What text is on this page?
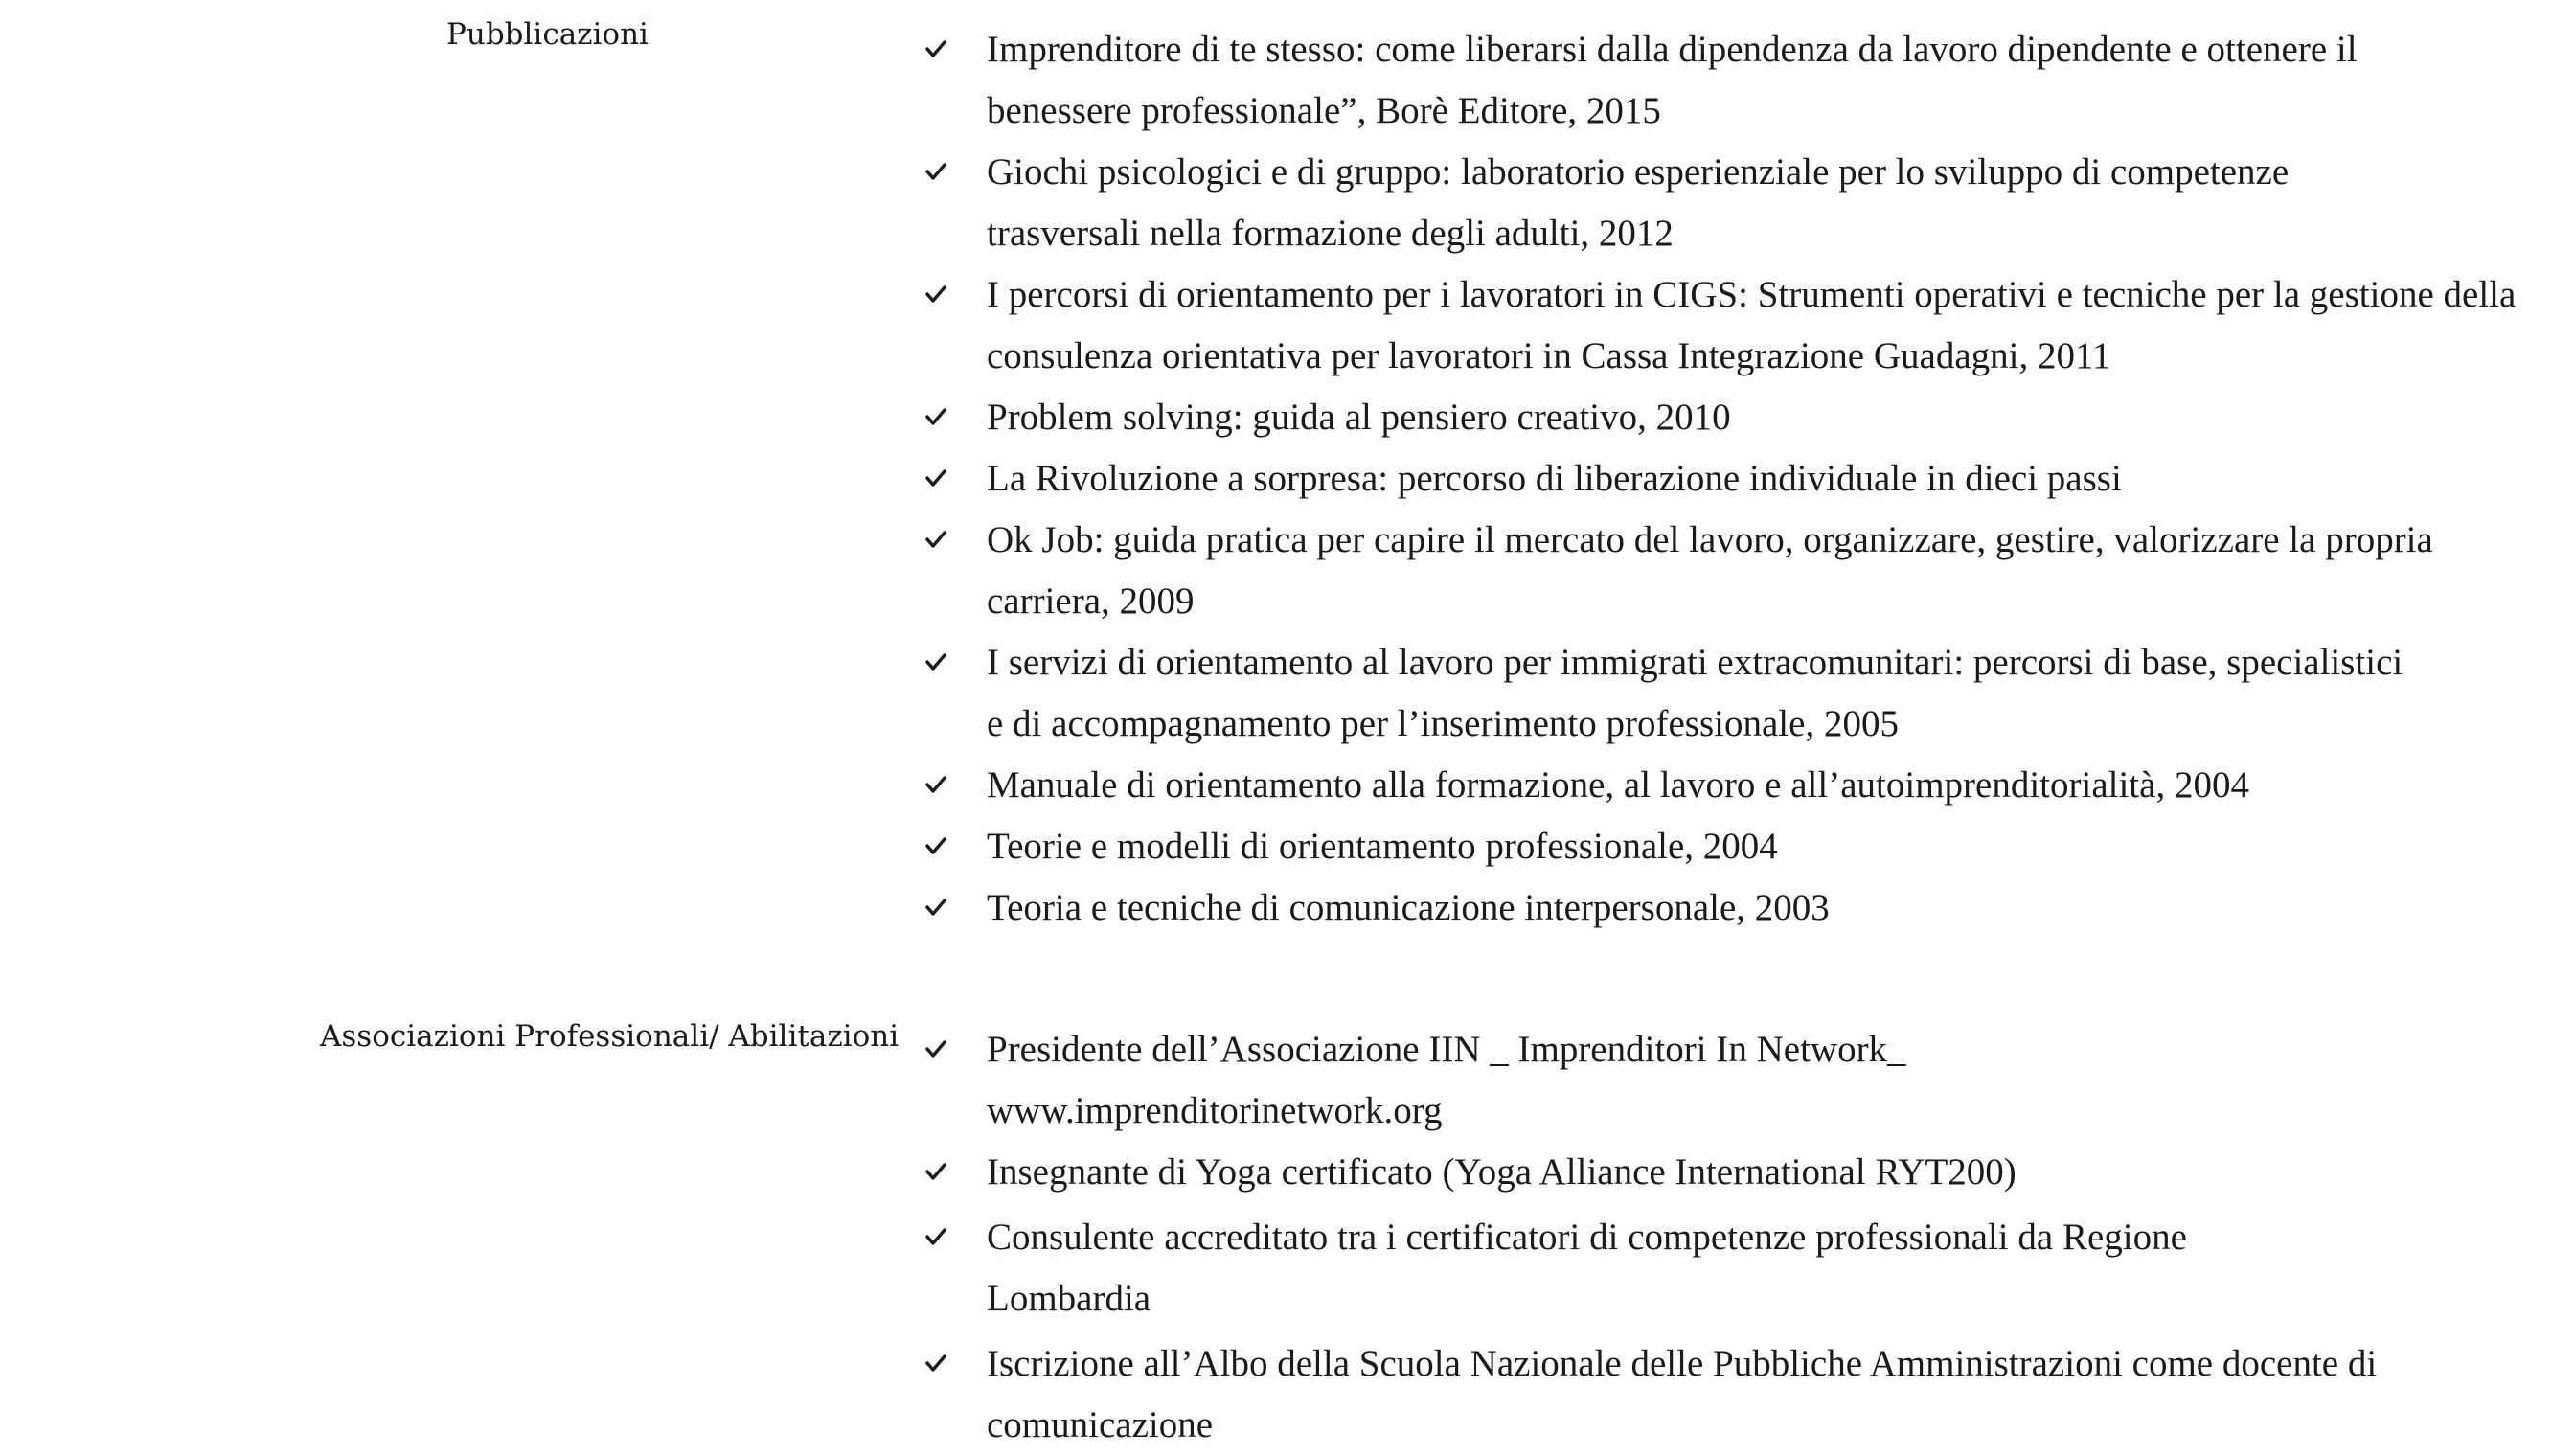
Pubblicazioni	Imprenditore di te stesso: come liberarsi dalla dipendenza da lavoro dipendente e ottenere il benessere professionale”, Borè Editore, 2015
Giochi psicologici e di gruppo: laboratorio esperienziale per lo sviluppo di competenze trasversali nella formazione degli adulti, 2012
I percorsi di orientamento per i lavoratori in CIGS: Strumenti operativi e tecniche per la gestione della consulenza orientativa per lavoratori in Cassa Integrazione Guadagni, 2011
Problem solving: guida al pensiero creativo, 2010
La Rivoluzione a sorpresa: percorso di liberazione individuale in dieci passi
Ok Job: guida pratica per capire il mercato del lavoro, organizzare, gestire, valorizzare la propria carriera, 2009
I servizi di orientamento al lavoro per immigrati extracomunitari: percorsi di base, specialistici e di accompagnamento per l’inserimento professionale, 2005
Manuale di orientamento alla formazione, al lavoro e all’autoimprenditorialità, 2004
Teorie e modelli di orientamento professionale, 2004
Teoria e tecniche di comunicazione interpersonale, 2003
Associazioni Professionali/ Abilitazioni	Presidente dell’Associazione IIN _ Imprenditori In Network_ www.imprenditorinetwork.org
Insegnante di Yoga certificato (Yoga Alliance International RYT200)
Consulente accreditato tra i certificatori di competenze professionali da Regione Lombardia
Iscrizione all’Albo della Scuola Nazionale delle Pubbliche Amministrazioni come docente di comunicazione
